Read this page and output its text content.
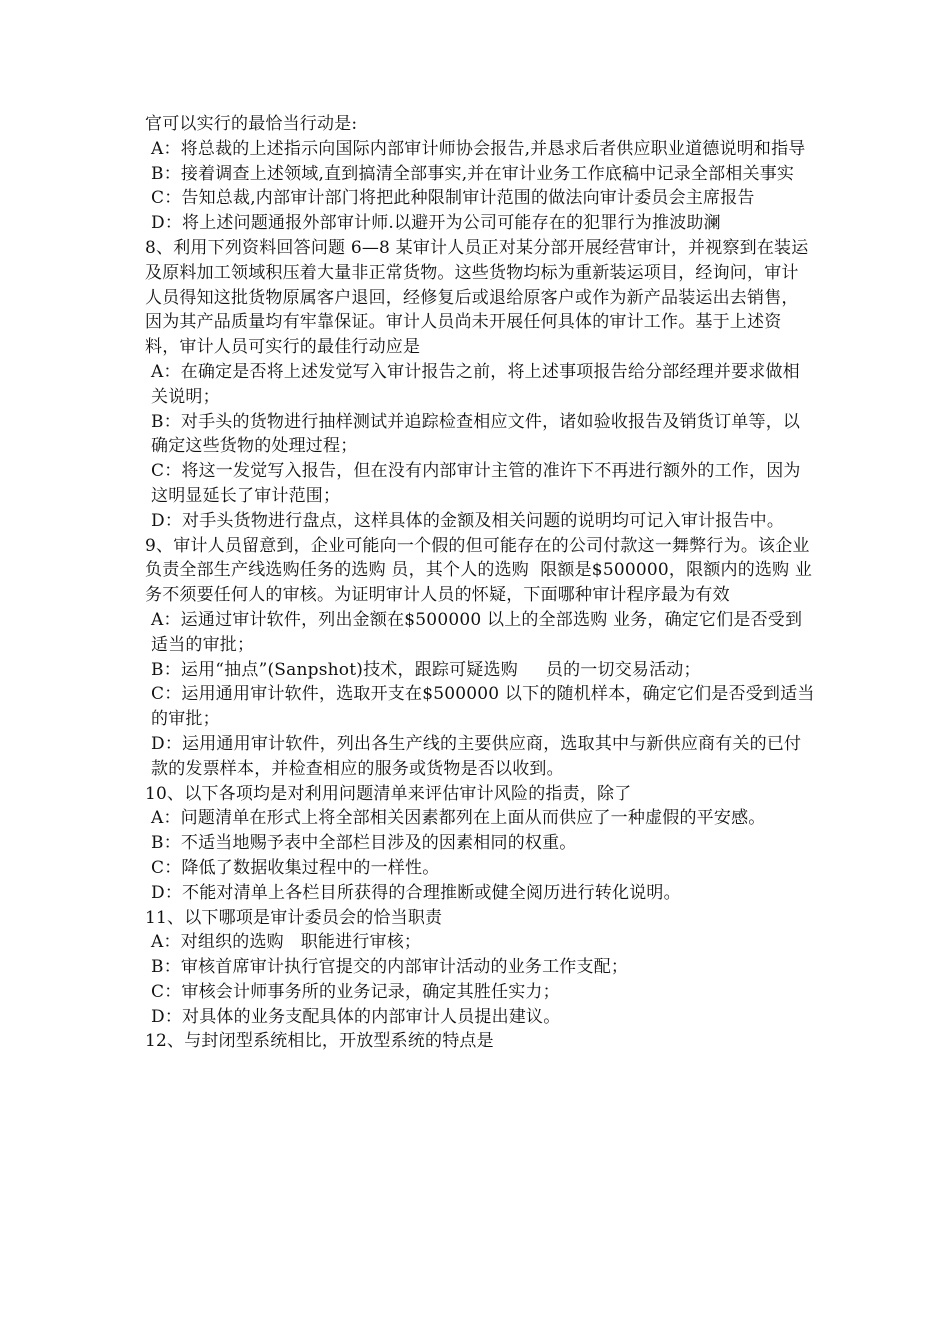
官可以实行的最恰当行动是:

A：将总裁的上述指示向国际内部审计师协会报告,并恳求后者供应职业道德说明和指导

B：接着调查上述领域,直到搞清全部事实,并在审计业务工作底稿中记录全部相关事实

C：告知总裁,内部审计部门将把此种限制审计范围的做法向审计委员会主席报告

D：将上述问题通报外部审计师.以避开为公司可能存在的犯罪行为推波助澜

8、利用下列资料回答问题 6—8 某审计人员正对某分部开展经营审计，并视察到在装运及原料加工领域积压着大量非正常货物。这些货物均标为重新装运项目，经询问，审计人员得知这批货物原属客户退回，经修复后或退给原客户或作为新产品装运出去销售，因为其产品质量均有牢靠保证。审计人员尚未开展任何具体的审计工作。基于上述资料，审计人员可实行的最佳行动应是

A：在确定是否将上述发觉写入审计报告之前，将上述事项报告给分部经理并要求做相关说明；

B：对手头的货物进行抽样测试并追踪检查相应文件，诸如验收报告及销货订单等，以确定这些货物的处理过程；

C：将这一发觉写入报告，但在没有内部审计主管的准许下不再进行额外的工作，因为这明显延长了审计范围；

D：对手头货物进行盘点，这样具体的金额及相关问题的说明均可记入审计报告中。

9、审计人员留意到，企业可能向一个假的但可能存在的公司付款这一舞弊行为。该企业负责全部生产线选购任务的选购 员，其个人的选购  限额是$500000，限额内的选购 业务不须要任何人的审核。为证明审计人员的怀疑，下面哪种审计程序最为有效

A：运通过审计软件，列出金额在$500000 以上的全部选购 业务，确定它们是否受到适当的审批；

B：运用“抽点”(Sanpshot)技术，跟踪可疑选购     员的一切交易活动；

C：运用通用审计软件，选取开支在$500000 以下的随机样本，确定它们是否受到适当的审批；

D：运用通用审计软件，列出各生产线的主要供应商，选取其中与新供应商有关的已付款的发票样本，并检查相应的服务或货物是否以收到。

10、以下各项均是对利用问题清单来评估审计风险的指责，除了

A：问题清单在形式上将全部相关因素都列在上面从而供应了一种虚假的平安感。

B：不适当地赐予表中全部栏目涉及的因素相同的权重。

C：降低了数据收集过程中的一样性。

D：不能对清单上各栏目所获得的合理推断或健全阅历进行转化说明。

11、以下哪项是审计委员会的恰当职责

A：对组织的选购   职能进行审核；

B：审核首席审计执行官提交的内部审计活动的业务工作支配；

C：审核会计师事务所的业务记录，确定其胜任实力；

D：对具体的业务支配具体的内部审计人员提出建议。

12、与封闭型系统相比，开放型系统的特点是
